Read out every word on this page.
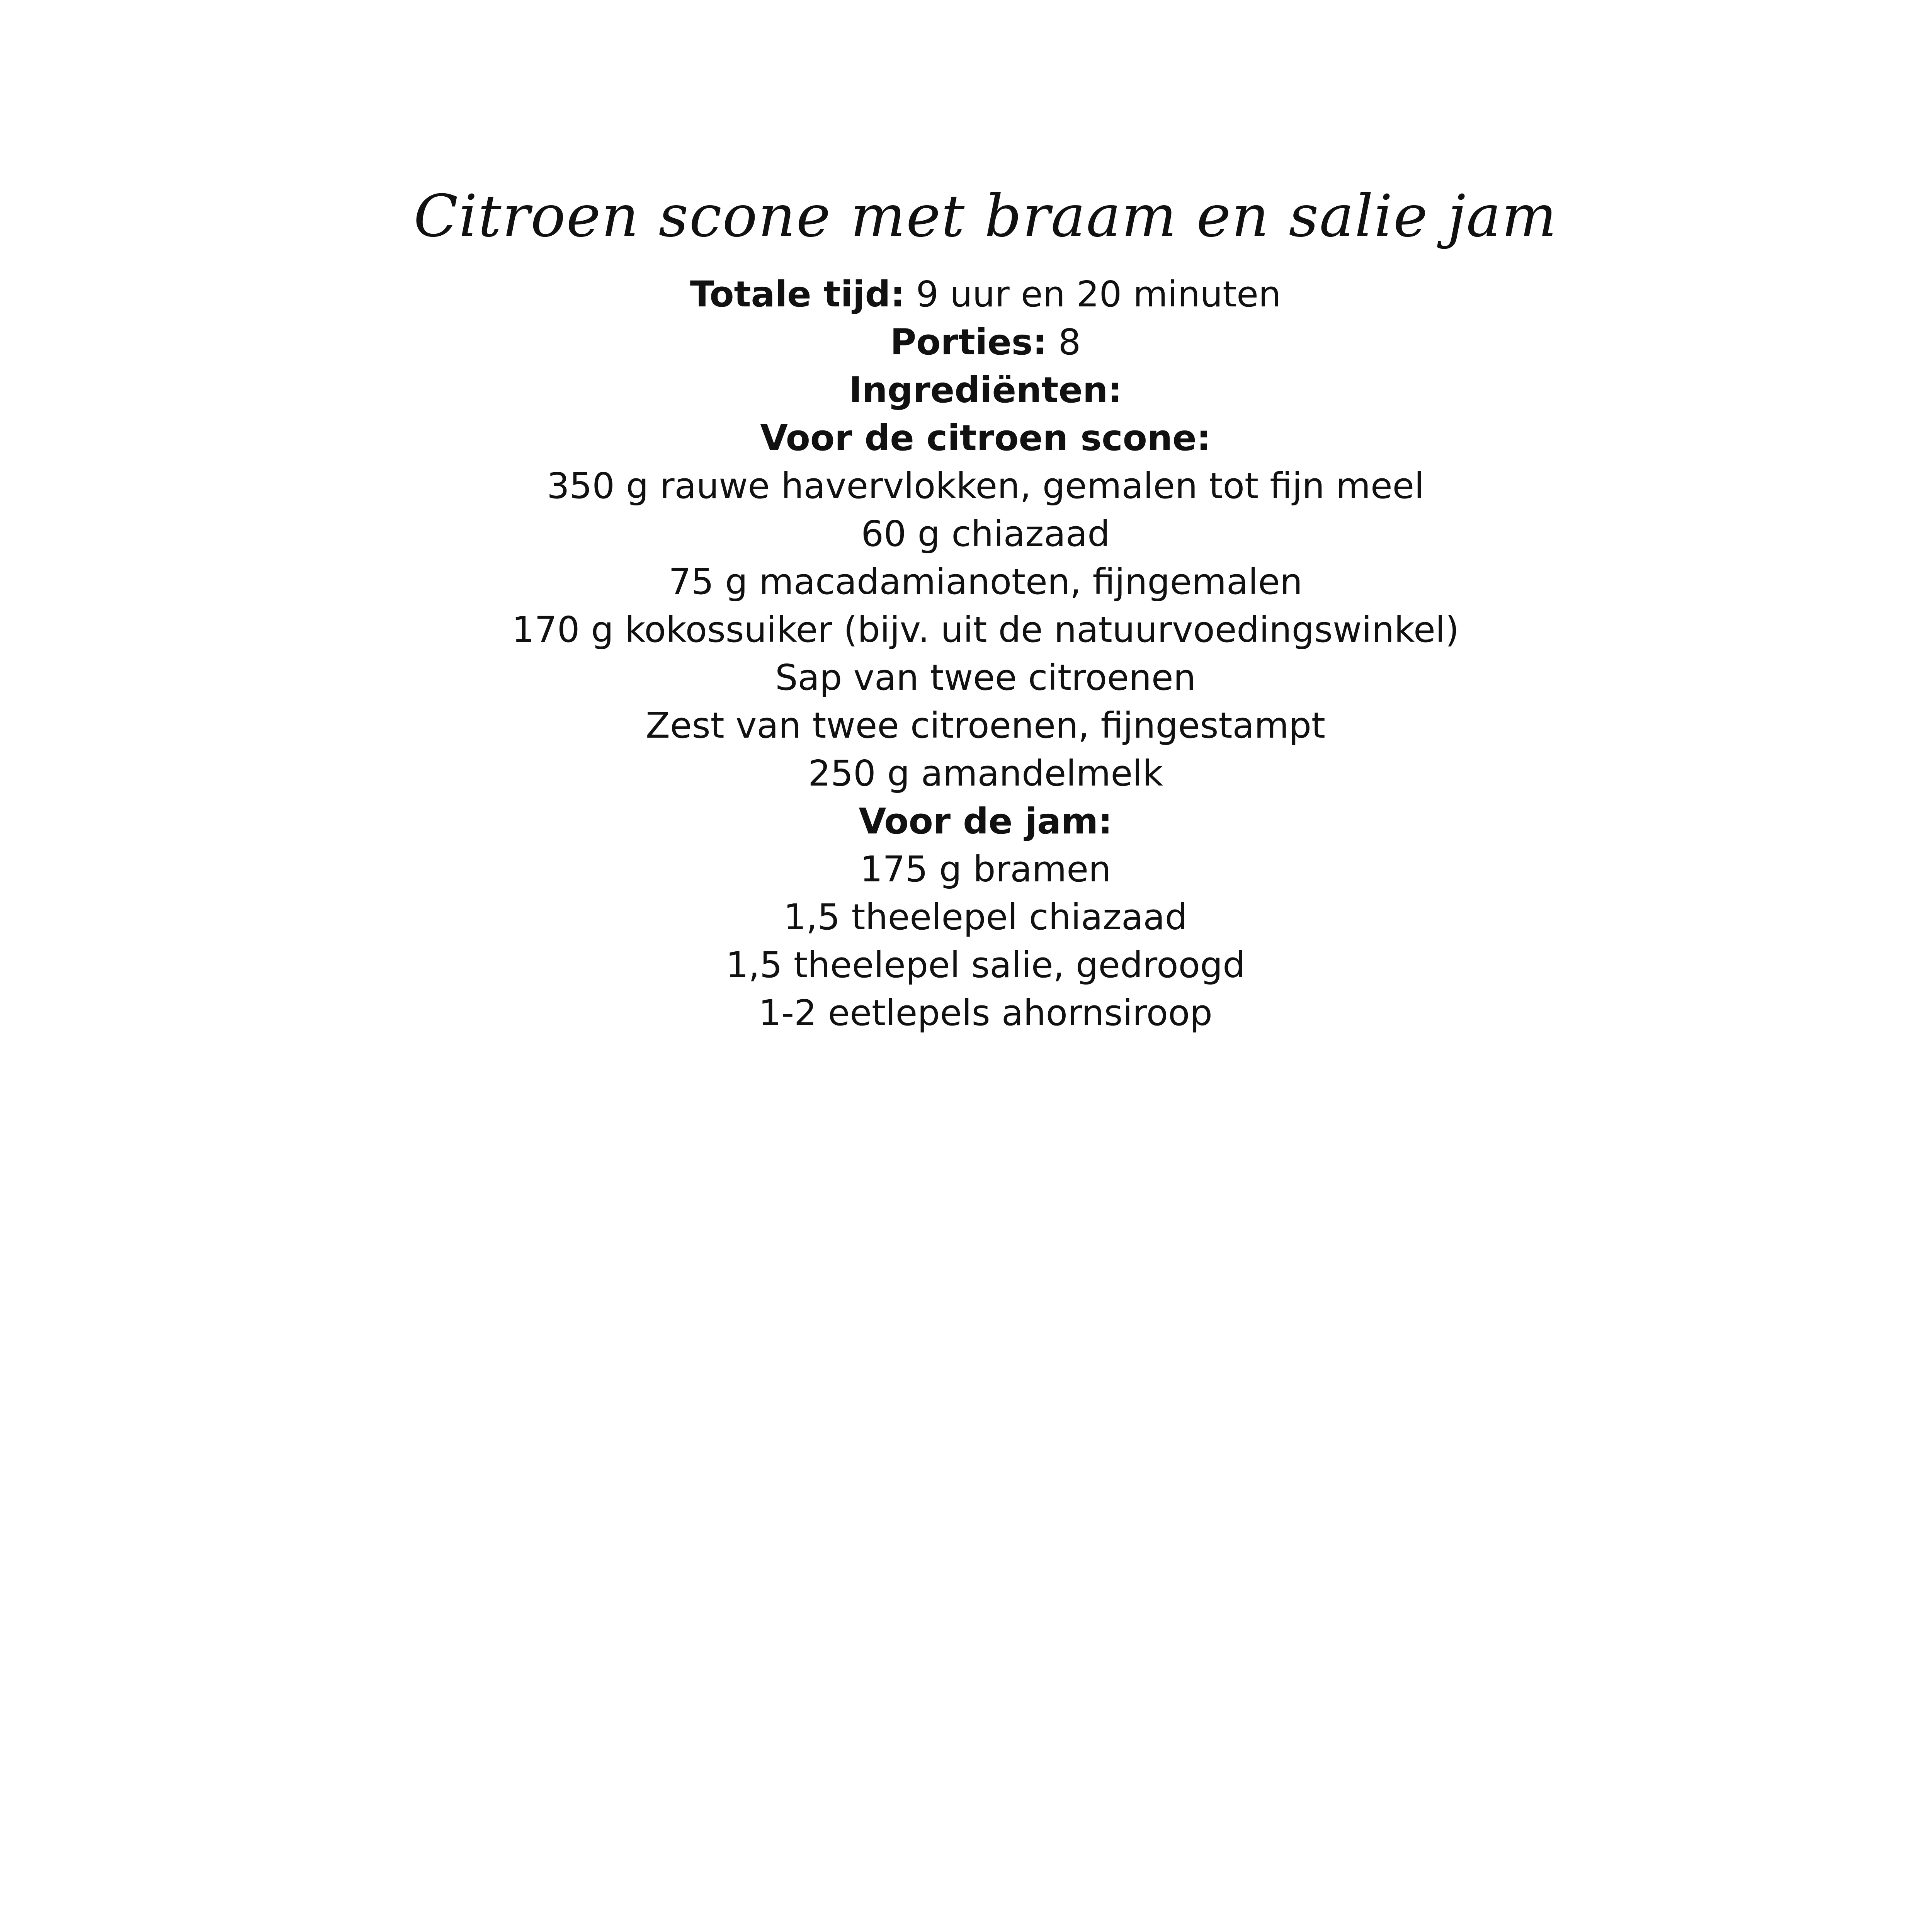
Citroen scone met braam en salie jam
Totale tijd: 9 uur en 20 minuten
Porties: 8
Ingrediënten:
Voor de citroen scone:
350 g rauwe havervlokken, gemalen tot fijn meel
60 g chiazaad
75 g macadamianoten, fijngemalen
170 g kokossuiker (bijv. uit de natuurvoedingswinkel)
Sap van twee citroenen
Zest van twee citroenen, fijngestampt
250 g amandelmelk
Voor de jam:
175 g bramen
1,5 theelepel chiazaad
1,5 theelepel salie, gedroogd
1-2 eetlepels ahornsiroop
